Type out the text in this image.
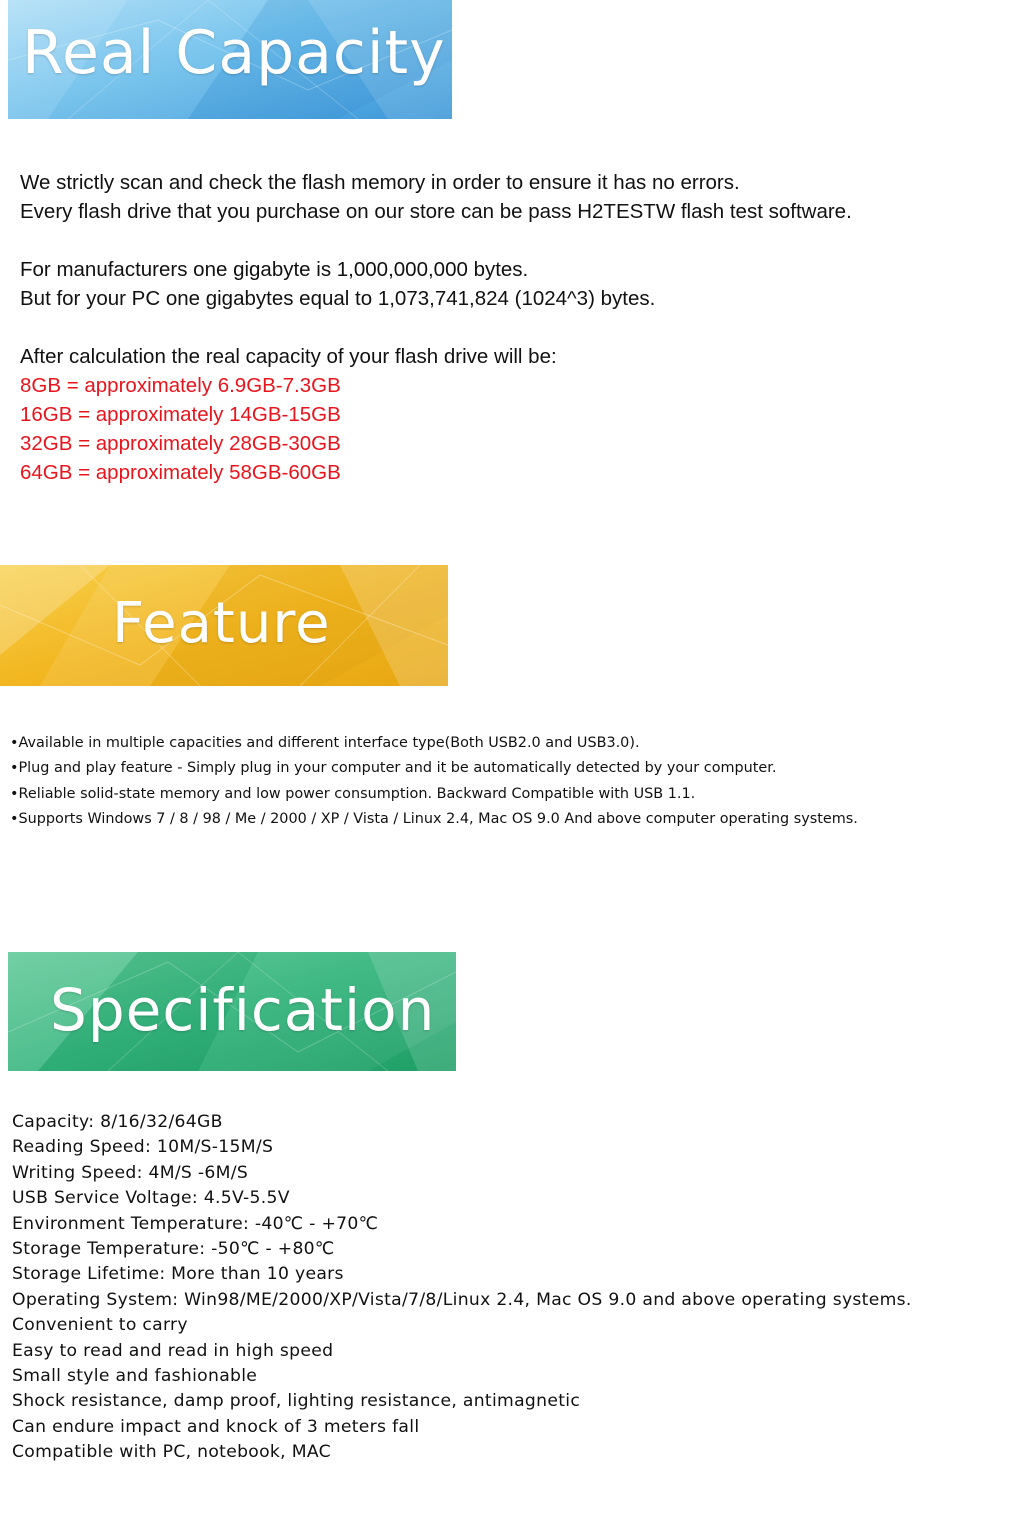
Real Capacity
We strictly scan and check the flash memory in order to ensure it has no errors.
Every flash drive that you purchase on our store can be pass H2TESTW flash test software.
For manufacturers one gigabyte is 1,000,000,000 bytes.
But for your PC one gigabytes equal to 1,073,741,824 (1024^3) bytes.
After calculation the real capacity of your flash drive will be:
8GB = approximately 6.9GB-7.3GB
16GB = approximately 14GB-15GB
32GB = approximately 28GB-30GB
64GB = approximately 58GB-60GB
Feature
•Available in multiple capacities and different interface type(Both USB2.0 and USB3.0).
•Plug and play feature - Simply plug in your computer and it be automatically detected by your computer.
•Reliable solid-state memory and low power consumption. Backward Compatible with USB 1.1.
•Supports Windows 7 / 8 / 98 / Me / 2000 / XP / Vista / Linux 2.4, Mac OS 9.0 And above computer operating systems.
Specification
Capacity: 8/16/32/64GB
Reading Speed: 10M/S-15M/S
Writing Speed: 4M/S -6M/S
USB Service Voltage: 4.5V-5.5V
Environment Temperature: -40℃ - +70℃
Storage Temperature: -50℃ - +80℃
Storage Lifetime: More than 10 years
Operating System: Win98/ME/2000/XP/Vista/7/8/Linux 2.4, Mac OS 9.0 and above operating systems.
Convenient to carry
Easy to read and read in high speed
Small style and fashionable
Shock resistance, damp proof, lighting resistance, antimagnetic
Can endure impact and knock of 3 meters fall
Compatible with PC, notebook, MAC
